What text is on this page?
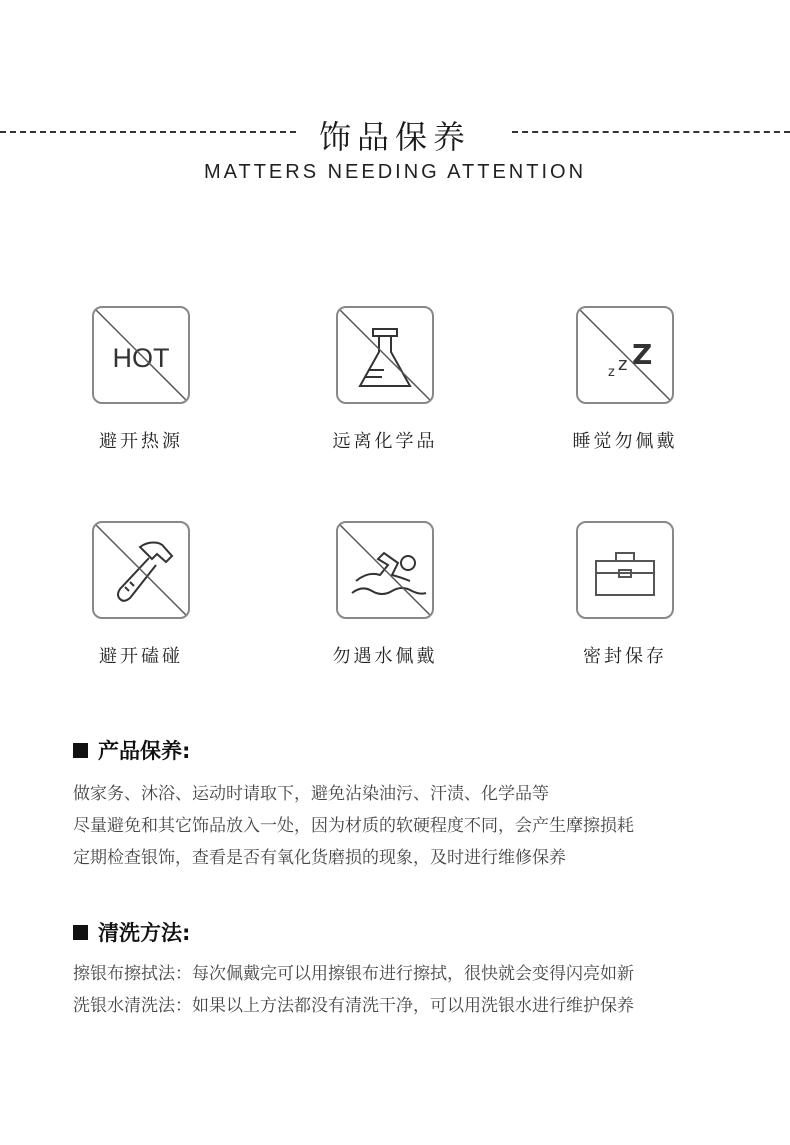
饰品保养
MATTERS NEEDING ATTENTION
HOT
避开热源	远离化学品
z z Z
睡觉勿佩戴
避开磕碰	勿遇水佩戴	密封保存
产品保养:
做家务、沐浴、运动时请取下，避免沾染油污、汗渍、化学品等
尽量避免和其它饰品放入一处，因为材质的软硬程度不同，会产生摩擦损耗
定期检查银饰，查看是否有氧化货磨损的现象，及时进行维修保养
清洗方法:
擦银布擦拭法：每次佩戴完可以用擦银布进行擦拭，很快就会变得闪亮如新
洗银水清洗法：如果以上方法都没有清洗干净，可以用洗银水进行维护保养
